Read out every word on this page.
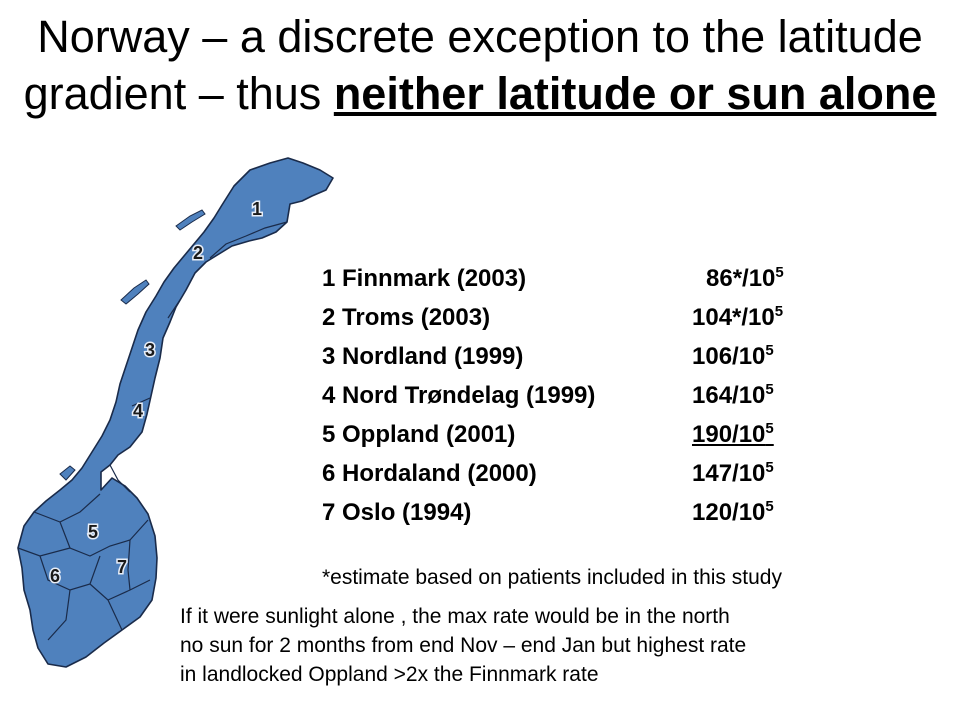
Norway – a discrete exception to the latitude gradient – thus neither latitude or sun alone
1
2
3
4
5
6	7
1 Finnmark (2003)	$86*/10^5$
2 Troms (2003)	$104*/10^5$
3 Nordland (1999)	$106/10^5$
4 Nord Trøndelag (1999)	$164/10^5$
5 Oppland (2001)	$190/10^5$
6 Hordaland (2000)	$147/10^5$
7 Oslo (1994)	$120/10^5$
*estimate based on patients included in this study
If it were sunlight alone , the max rate would be in the north
no sun for 2 months from end Nov – end Jan but highest rate
in landlocked Oppland >2x the Finnmark rate
